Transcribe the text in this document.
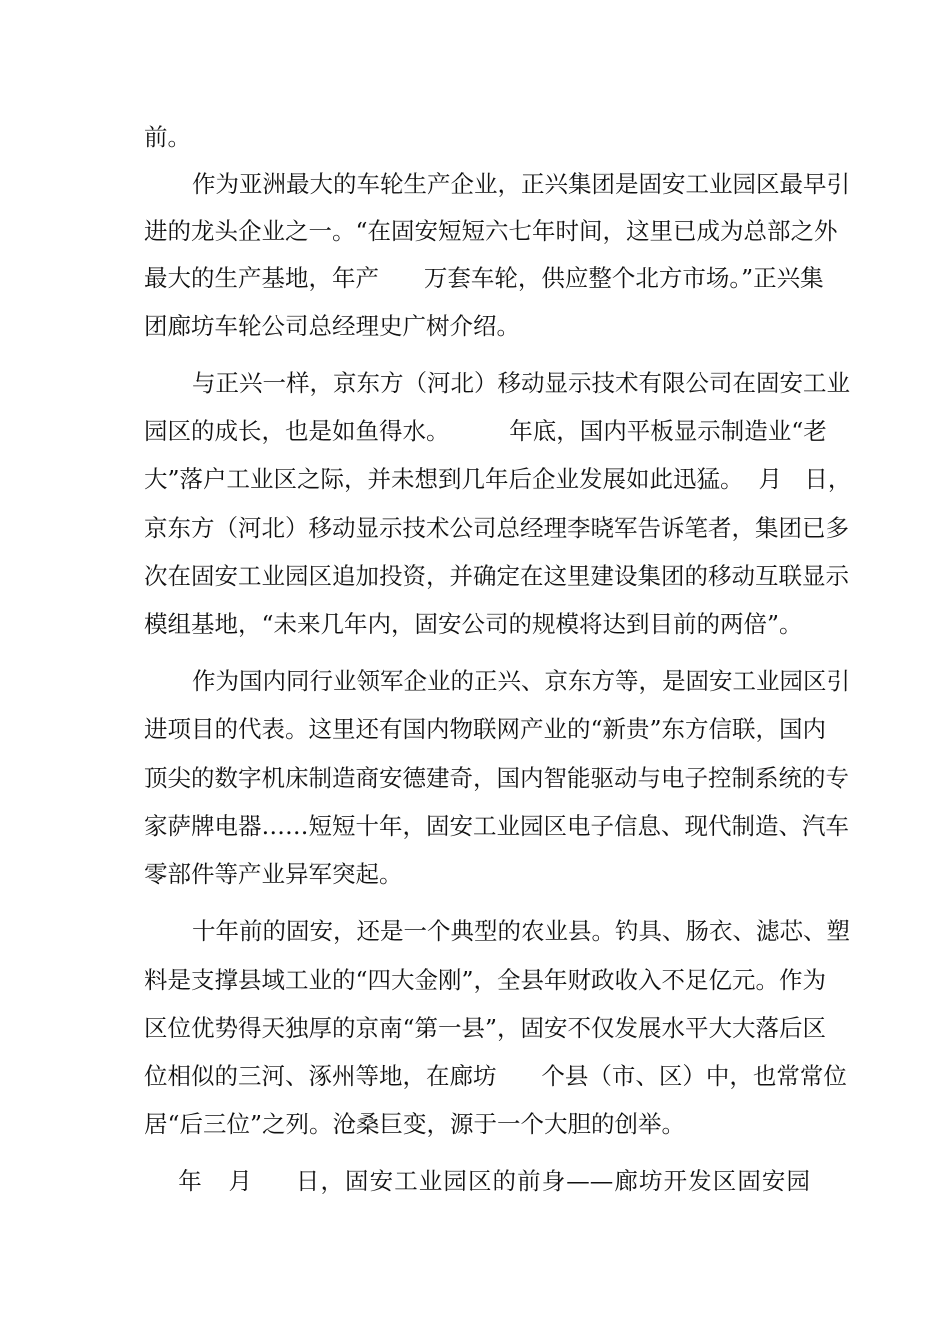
前。
作为亚洲最大的车轮生产企业，正兴集团是固安工业园区最早引
进的龙头企业之一。“在固安短短六七年时间，这里已成为总部之外
最大的生产基地，年产      万套车轮，供应整个北方市场。”正兴集
团廊坊车轮公司总经理史广树介绍。
与正兴一样，京东方（河北）移动显示技术有限公司在固安工业
园区的成长，也是如鱼得水。        年底，国内平板显示制造业“老
大”落户工业区之际，并未想到几年后企业发展如此迅猛。  月   日，
京东方（河北）移动显示技术公司总经理李晓军告诉笔者，集团已多
次在固安工业园区追加投资，并确定在这里建设集团的移动互联显示
模组基地，“未来几年内，固安公司的规模将达到目前的两倍”。
作为国内同行业领军企业的正兴、京东方等，是固安工业园区引
进项目的代表。这里还有国内物联网产业的“新贵”东方信联，国内
顶尖的数字机床制造商安德建奇，国内智能驱动与电子控制系统的专
家萨牌电器……短短十年，固安工业园区电子信息、现代制造、汽车
零部件等产业异军突起。
十年前的固安，还是一个典型的农业县。钓具、肠衣、滤芯、塑
料是支撑县域工业的“四大金刚”，全县年财政收入不足亿元。作为
区位优势得天独厚的京南“第一县”，固安不仅发展水平大大落后区
位相似的三河、涿州等地，在廊坊      个县（市、区）中，也常常位
居“后三位”之列。沧桑巨变，源于一个大胆的创举。
年   月     日，固安工业园区的前身——廊坊开发区固安园
